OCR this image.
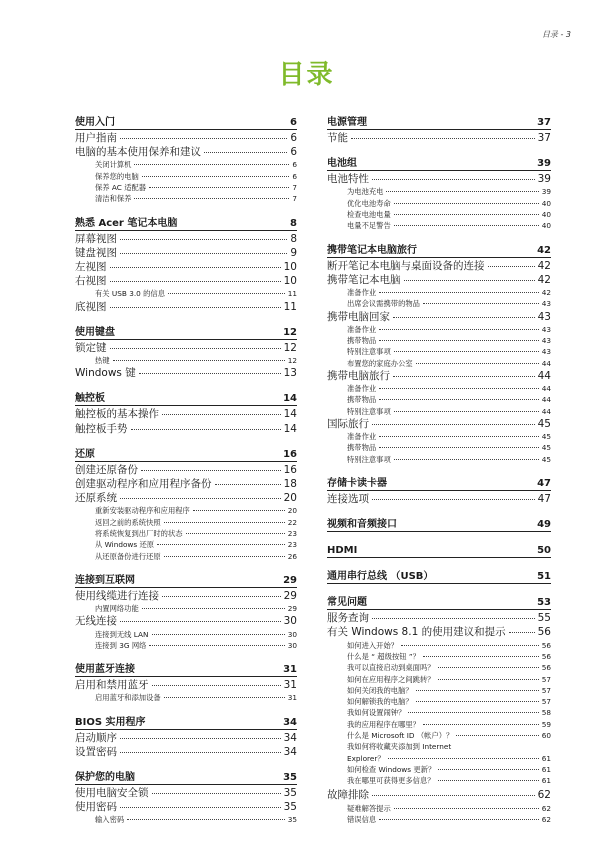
目录 - 3
目录
使用入门	6
用户指南	6
电脑的基本使用保养和建议	6
关闭计算机	6
保养您的电脑	6
保养 AC 适配器	7
清洁和保养	7
熟悉 Acer 笔记本电脑	8
屏幕视图	8
键盘视图	9
左视图	10
右视图	10
有关 USB 3.0 的信息	11
底视图	11
使用键盘	12
锁定键	12
热键	12
Windows 键	13
触控板	14
触控板的基本操作	14
触控板手势	14
还原	16
创建还原备份	16
创建驱动程序和应用程序备份	18
还原系统	20
重新安装驱动程序和应用程序	20
返回之前的系统快照	22
将系统恢复到出厂时的状态	23
从 Windows 还原	23
从还原备份进行还原	26
连接到互联网	29
使用线缆进行连接	29
内置网络功能	29
无线连接	30
连接到无线 LAN	30
连接到 3G 网络	30
使用蓝牙连接	31
启用和禁用蓝牙	31
启用蓝牙和添加设备	31
BIOS 实用程序	34
启动顺序	34
设置密码	34
保护您的电脑	35
使用电脑安全锁	35
使用密码	35
输入密码	35
电源管理	37
节能	37
电池组	39
电池特性	39
为电池充电	39
优化电池寿命	40
检查电池电量	40
电量不足警告	40
携带笔记本电脑旅行	42
断开笔记本电脑与桌面设备的连接	42
携带笔记本电脑	42
准备作业	42
出席会议需携带的物品	43
携带电脑回家	43
准备作业	43
携带物品	43
特别注意事项	43
布置您的家庭办公室	44
携带电脑旅行	44
准备作业	44
携带物品	44
特别注意事项	44
国际旅行	45
准备作业	45
携带物品	45
特别注意事项	45
存储卡读卡器	47
连接选项	47
视频和音频接口	49
HDMI	50
通用串行总线 （USB）	51
常见问题	53
服务查询	55
有关 Windows 8.1 的使用建议和提示	56
如何进入开始？	56
什么是 “ 超级按钮 ”？	56
我可以直接启动到桌面吗？	56
如何在应用程序之间跳转？	57
如何关闭我的电脑？	57
如何解锁我的电脑？	57
我如何设置闹钟？	58
我的应用程序在哪里？	59
什么是 Microsoft ID （帐户）？	60
我如何将收藏夹添加到 Internet
Explorer？	61
如何检查 Windows 更新？	61
我在哪里可获得更多信息？	61
故障排除	62
疑难解答提示	62
错误信息	62
